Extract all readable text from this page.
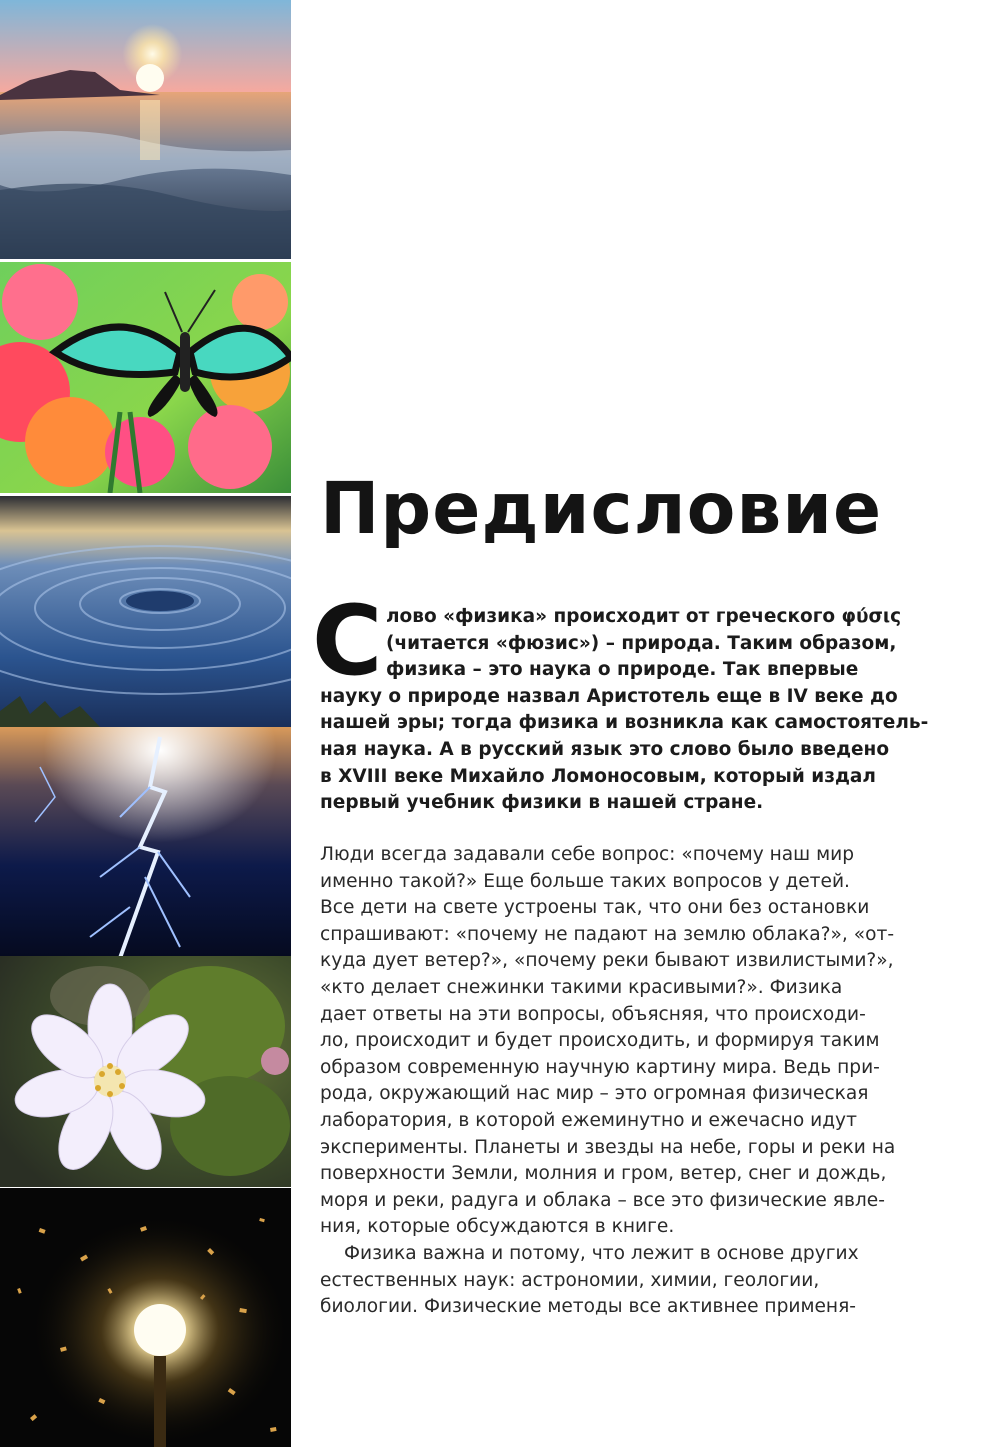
Предисловие
С лово «физика» происходит от греческого φύσις
(читается «фюзис») – природа. Таким образом,
физика – это наука о природе. Так впервые
науку о природе назвал Аристотель еще в IV веке до
нашей эры; тогда физика и возникла как самостоятель-
ная наука. А в русский язык это слово было введено
в XVIII веке Михайло Ломоносовым, который издал
первый учебник физики в нашей стране.
Люди всегда задавали себе вопрос: «почему наш мир
именно такой?» Еще больше таких вопросов у детей.
Все дети на свете устроены так, что они без остановки
спрашивают: «почему не падают на землю облака?», «от-
куда дует ветер?», «почему реки бывают извилистыми?»,
«кто делает снежинки такими красивыми?». Физика
дает ответы на эти вопросы, объясняя, что происходи-
ло, происходит и будет происходить, и формируя таким
образом современную научную картину мира. Ведь при-
рода, окружающий нас мир – это огромная физическая
лаборатория, в которой ежеминутно и ежечасно идут
эксперименты. Планеты и звезды на небе, горы и реки на
поверхности Земли, молния и гром, ветер, снег и дождь,
моря и реки, радуга и облака – все это физические явле-
ния, которые обсуждаются в книге.
Физика важна и потому, что лежит в основе других
естественных наук: астрономии, химии, геологии,
биологии. Физические методы все активнее применя-
